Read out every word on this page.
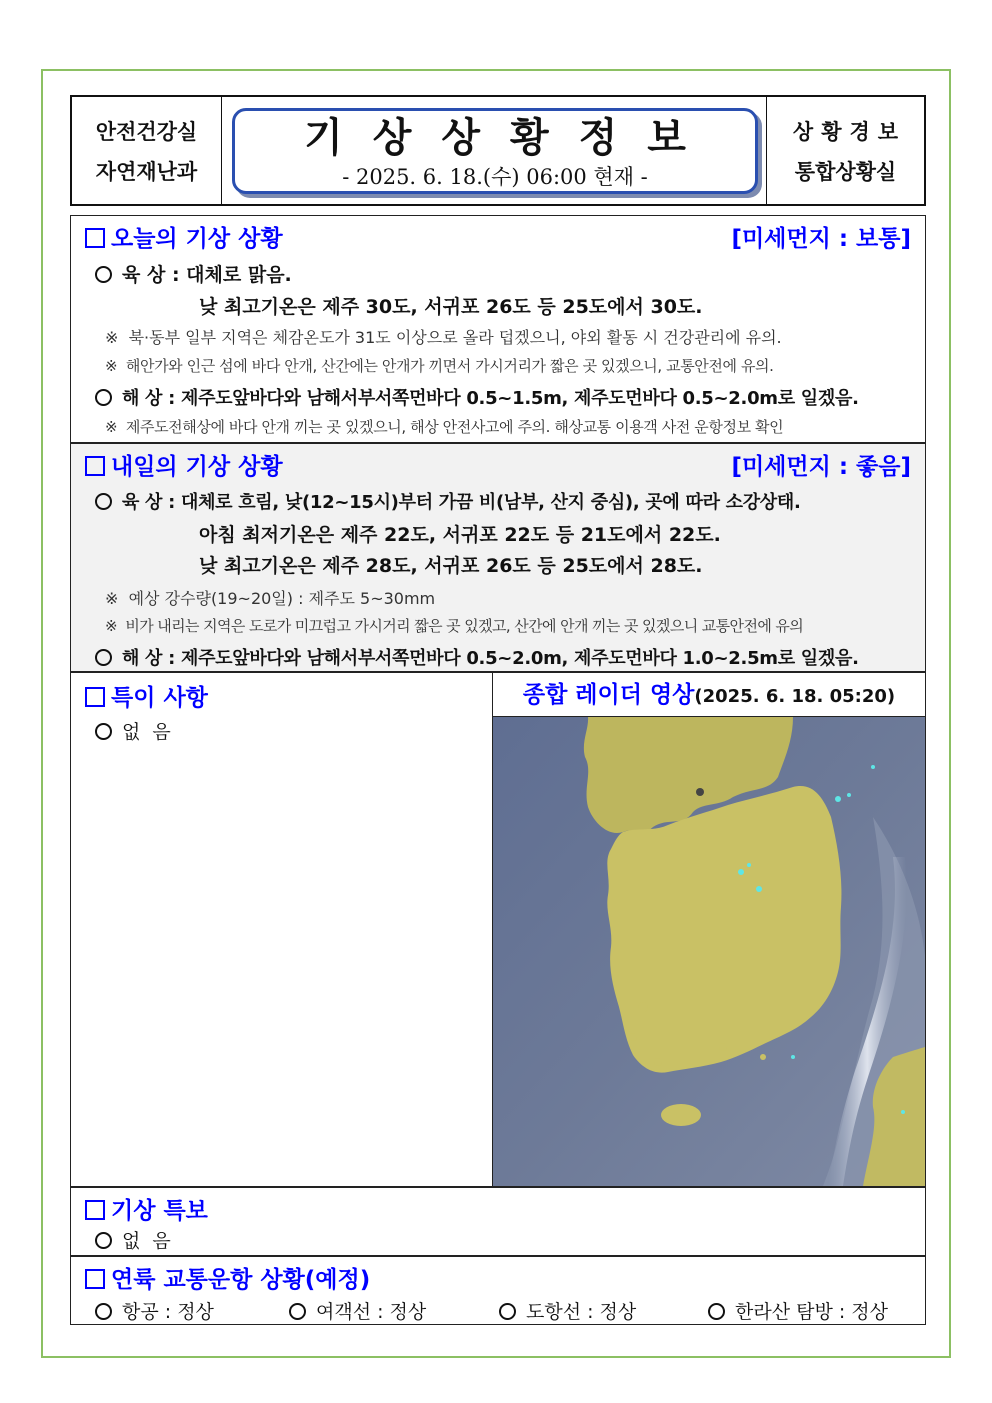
안전건강실
자연재난과
기상상황정보
- 2025. 6. 18.(수) 06:00 현재 -
상황경보
통합상황실
오늘의 기상 상황	[미세먼지 : 보통]
육 상 : 대체로 맑음.
낮 최고기온은 제주 30도, 서귀포 26도 등 25도에서 30도.
※  북·동부 일부 지역은 체감온도가 31도 이상으로 올라 덥겠으니, 야외 활동 시 건강관리에 유의.
※  해안가와 인근 섬에 바다 안개, 산간에는 안개가 끼면서 가시거리가 짧은 곳 있겠으니, 교통안전에 유의.
해 상 : 제주도앞바다와 남해서부서쪽먼바다 0.5~1.5m, 제주도먼바다 0.5~2.0m로 일겠음.
※  제주도전해상에 바다 안개 끼는 곳 있겠으니, 해상 안전사고에 주의. 해상교통 이용객 사전 운항정보 확인
내일의 기상 상황	[미세먼지 : 좋음]
육 상 : 대체로 흐림, 낮(12~15시)부터 가끔 비(남부, 산지 중심), 곳에 따라 소강상태.
아침 최저기온은 제주 22도, 서귀포 22도 등 21도에서 22도.
낮 최고기온은 제주 28도, 서귀포 26도 등 25도에서 28도.
※  예상 강수량(19~20일) : 제주도 5~30mm
※  비가 내리는 지역은 도로가 미끄럽고 가시거리 짧은 곳 있겠고, 산간에 안개 끼는 곳 있겠으니 교통안전에 유의
해 상 : 제주도앞바다와 남해서부서쪽먼바다 0.5~2.0m, 제주도먼바다 1.0~2.5m로 일겠음.
특이 사항
없  음
종합 레이더 영상(2025. 6. 18. 05:20)
기상 특보
없  음
연륙 교통운항 상황(예정)
항공 : 정상	여객선 : 정상	도항선 : 정상	한라산 탐방 : 정상
